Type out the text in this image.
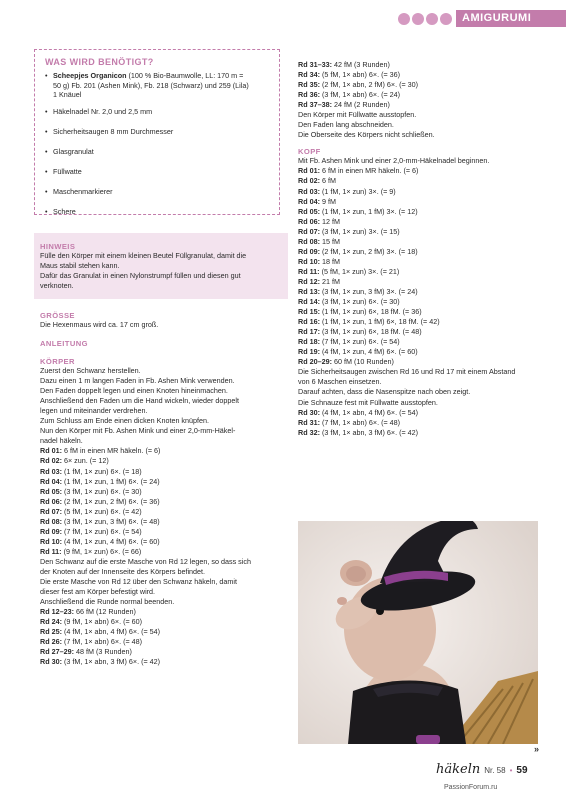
AMIGURUMI
WAS WIRD BENÖTIGT?
• Scheepjes Organicon (100 % Bio-Baumwolle, LL: 170 m =
50 g) Fb. 201 (Ashen Mink), Fb. 218 (Schwarz) und 259 (Lila)
1 Knäuel
• Häkelnadel Nr. 2,0 und 2,5 mm
• Sicherheitsaugen 8 mm Durchmesser
• Glasgranulat
• Füllwatte
• Maschenmarkierer
• Schere
HINWEIS
Fülle den Körper mit einem kleinen Beutel Füllgranulat, damit die
Maus stabil stehen kann.
Dafür das Granulat in einen Nylonstrumpf füllen und diesen gut
verknoten.
GRÖSSE
Die Hexenmaus wird ca. 17 cm groß.
ANLEITUNG
KÖRPER
Zuerst den Schwanz herstellen.
Dazu einen 1 m langen Faden in Fb. Ashen Mink verwenden.
Den Faden doppelt legen und einen Knoten hineinmachen.
Anschließend den Faden um die Hand wickeln, wieder doppelt
legen und miteinander verdrehen.
Zum Schluss am Ende einen dicken Knoten knüpfen.
Nun den Körper mit Fb. Ashen Mink und einer 2,0-mm-Häkel-
nadel häkeln.
Rd 01: 6 fM in einen MR häkeln. (= 6)
Rd 02: 6× zun. (= 12)
Rd 03: (1 fM, 1× zun) 6×. (= 18)
Rd 04: (1 fM, 1× zun, 1 fM) 6×. (= 24)
Rd 05: (3 fM, 1× zun) 6×. (= 30)
Rd 06: (2 fM, 1× zun, 2 fM) 6×. (= 36)
Rd 07: (5 fM, 1× zun) 6×. (= 42)
Rd 08: (3 fM, 1× zun, 3 fM) 6×. (= 48)
Rd 09: (7 fM, 1× zun) 6×. (= 54)
Rd 10: (4 fM, 1× zun, 4 fM) 6×. (= 60)
Rd 11: (9 fM, 1× zun) 6×. (= 66)
Den Schwanz auf die erste Masche von Rd 12 legen, so dass sich
der Knoten auf der Innenseite des Körpers befindet.
Die erste Masche von Rd 12 über den Schwanz häkeln, damit
dieser fest am Körper befestigt wird.
Anschließend die Runde normal beenden.
Rd 12–23: 66 fM (12 Runden)
Rd 24: (9 fM, 1× abn) 6×. (= 60)
Rd 25: (4 fM, 1× abn, 4 fM) 6×. (= 54)
Rd 26: (7 fM, 1× abn) 6×. (= 48)
Rd 27–29: 48 fM (3 Runden)
Rd 30: (3 fM, 1× abn, 3 fM) 6×. (= 42)
Rd 31–33: 42 fM (3 Runden)
Rd 34: (5 fM, 1× abn) 6×. (= 36)
Rd 35: (2 fM, 1× abn, 2 fM) 6×. (= 30)
Rd 36: (3 fM, 1× abn) 6×. (= 24)
Rd 37–38: 24 fM (2 Runden)
Den Körper mit Füllwatte ausstopfen.
Den Faden lang abschneiden.
Die Oberseite des Körpers nicht schließen.
KOPF
Mit Fb. Ashen Mink und einer 2,0-mm-Häkelnadel beginnen.
Rd 01: 6 fM in einen MR häkeln. (= 6)
Rd 02: 6 fM
Rd 03: (1 fM, 1× zun) 3×. (= 9)
Rd 04: 9 fM
Rd 05: (1 fM, 1× zun, 1 fM) 3×. (= 12)
Rd 06: 12 fM
Rd 07: (3 fM, 1× zun) 3×. (= 15)
Rd 08: 15 fM
Rd 09: (2 fM, 1× zun, 2 fM) 3×. (= 18)
Rd 10: 18 fM
Rd 11: (5 fM, 1× zun) 3×. (= 21)
Rd 12: 21 fM
Rd 13: (3 fM, 1× zun, 3 fM) 3×. (= 24)
Rd 14: (3 fM, 1× zun) 6×. (= 30)
Rd 15: (1 fM, 1× zun) 6×, 18 fM. (= 36)
Rd 16: (1 fM, 1× zun, 1 fM) 6×, 18 fM. (= 42)
Rd 17: (3 fM, 1× zun) 6×, 18 fM. (= 48)
Rd 18: (7 fM, 1× zun) 6×. (= 54)
Rd 19: (4 fM, 1× zun, 4 fM) 6×. (= 60)
Rd 20–29: 60 fM (10 Runden)
Die Sicherheitsaugen zwischen Rd 16 und Rd 17 mit einem Abstand
von 6 Maschen einsetzen.
Darauf achten, dass die Nasenspitze nach oben zeigt.
Die Schnauze fest mit Füllwatte ausstopfen.
Rd 30: (4 fM, 1× abn, 4 fM) 6×. (= 54)
Rd 31: (7 fM, 1× abn) 6×. (= 48)
Rd 32: (3 fM, 1× abn, 3 fM) 6×. (= 42)
»
häkeln Nr. 58 • 59
PassionForum.ru
